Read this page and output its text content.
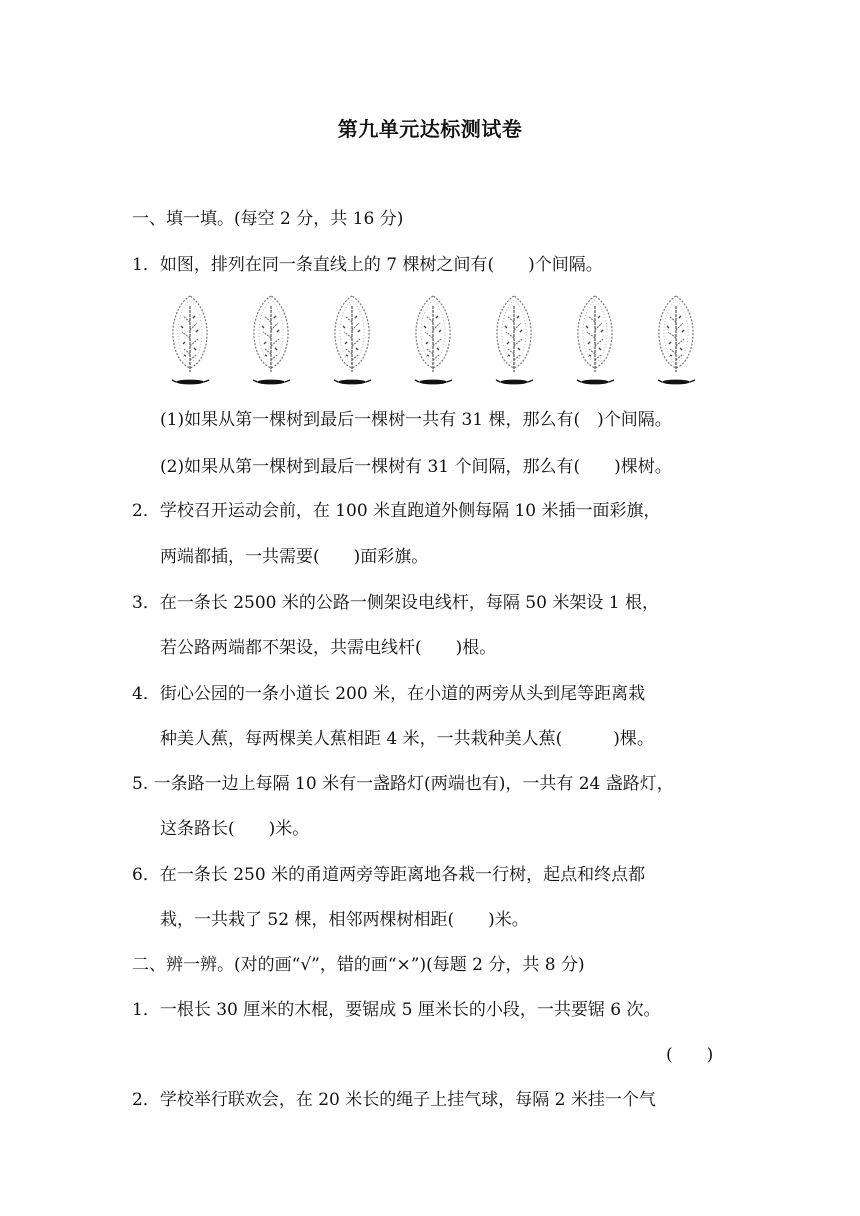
第九单元达标测试卷
一、填一填。(每空 2 分，共 16 分)
1．如图，排列在同一条直线上的 7 棵树之间有(　　)个间隔。
(1)如果从第一棵树到最后一棵树一共有 31 棵，那么有(　)个间隔。
(2)如果从第一棵树到最后一棵树有 31 个间隔，那么有(　　)棵树。
2．学校召开运动会前，在 100 米直跑道外侧每隔 10 米插一面彩旗，
两端都插，一共需要(　　)面彩旗。
3．在一条长 2500 米的公路一侧架设电线杆，每隔 50 米架设 1 根，
若公路两端都不架设，共需电线杆(　　)根。
4．街心公园的一条小道长 200 米，在小道的两旁从头到尾等距离栽
种美人蕉，每两棵美人蕉相距 4 米，一共栽种美人蕉(　　　)棵。
5. 一条路一边上每隔 10 米有一盏路灯(两端也有)，一共有 24 盏路灯，
这条路长(　　)米。
6．在一条长 250 米的甬道两旁等距离地各栽一行树，起点和终点都
栽，一共栽了 52 棵，相邻两棵树相距(　　)米。
二、辨一辨。(对的画“√”，错的画“×”)(每题 2 分，共 8 分)
1．一根长 30 厘米的木棍，要锯成 5 厘米长的小段，一共要锯 6 次。
(　　)
2．学校举行联欢会，在 20 米长的绳子上挂气球，每隔 2 米挂一个气
